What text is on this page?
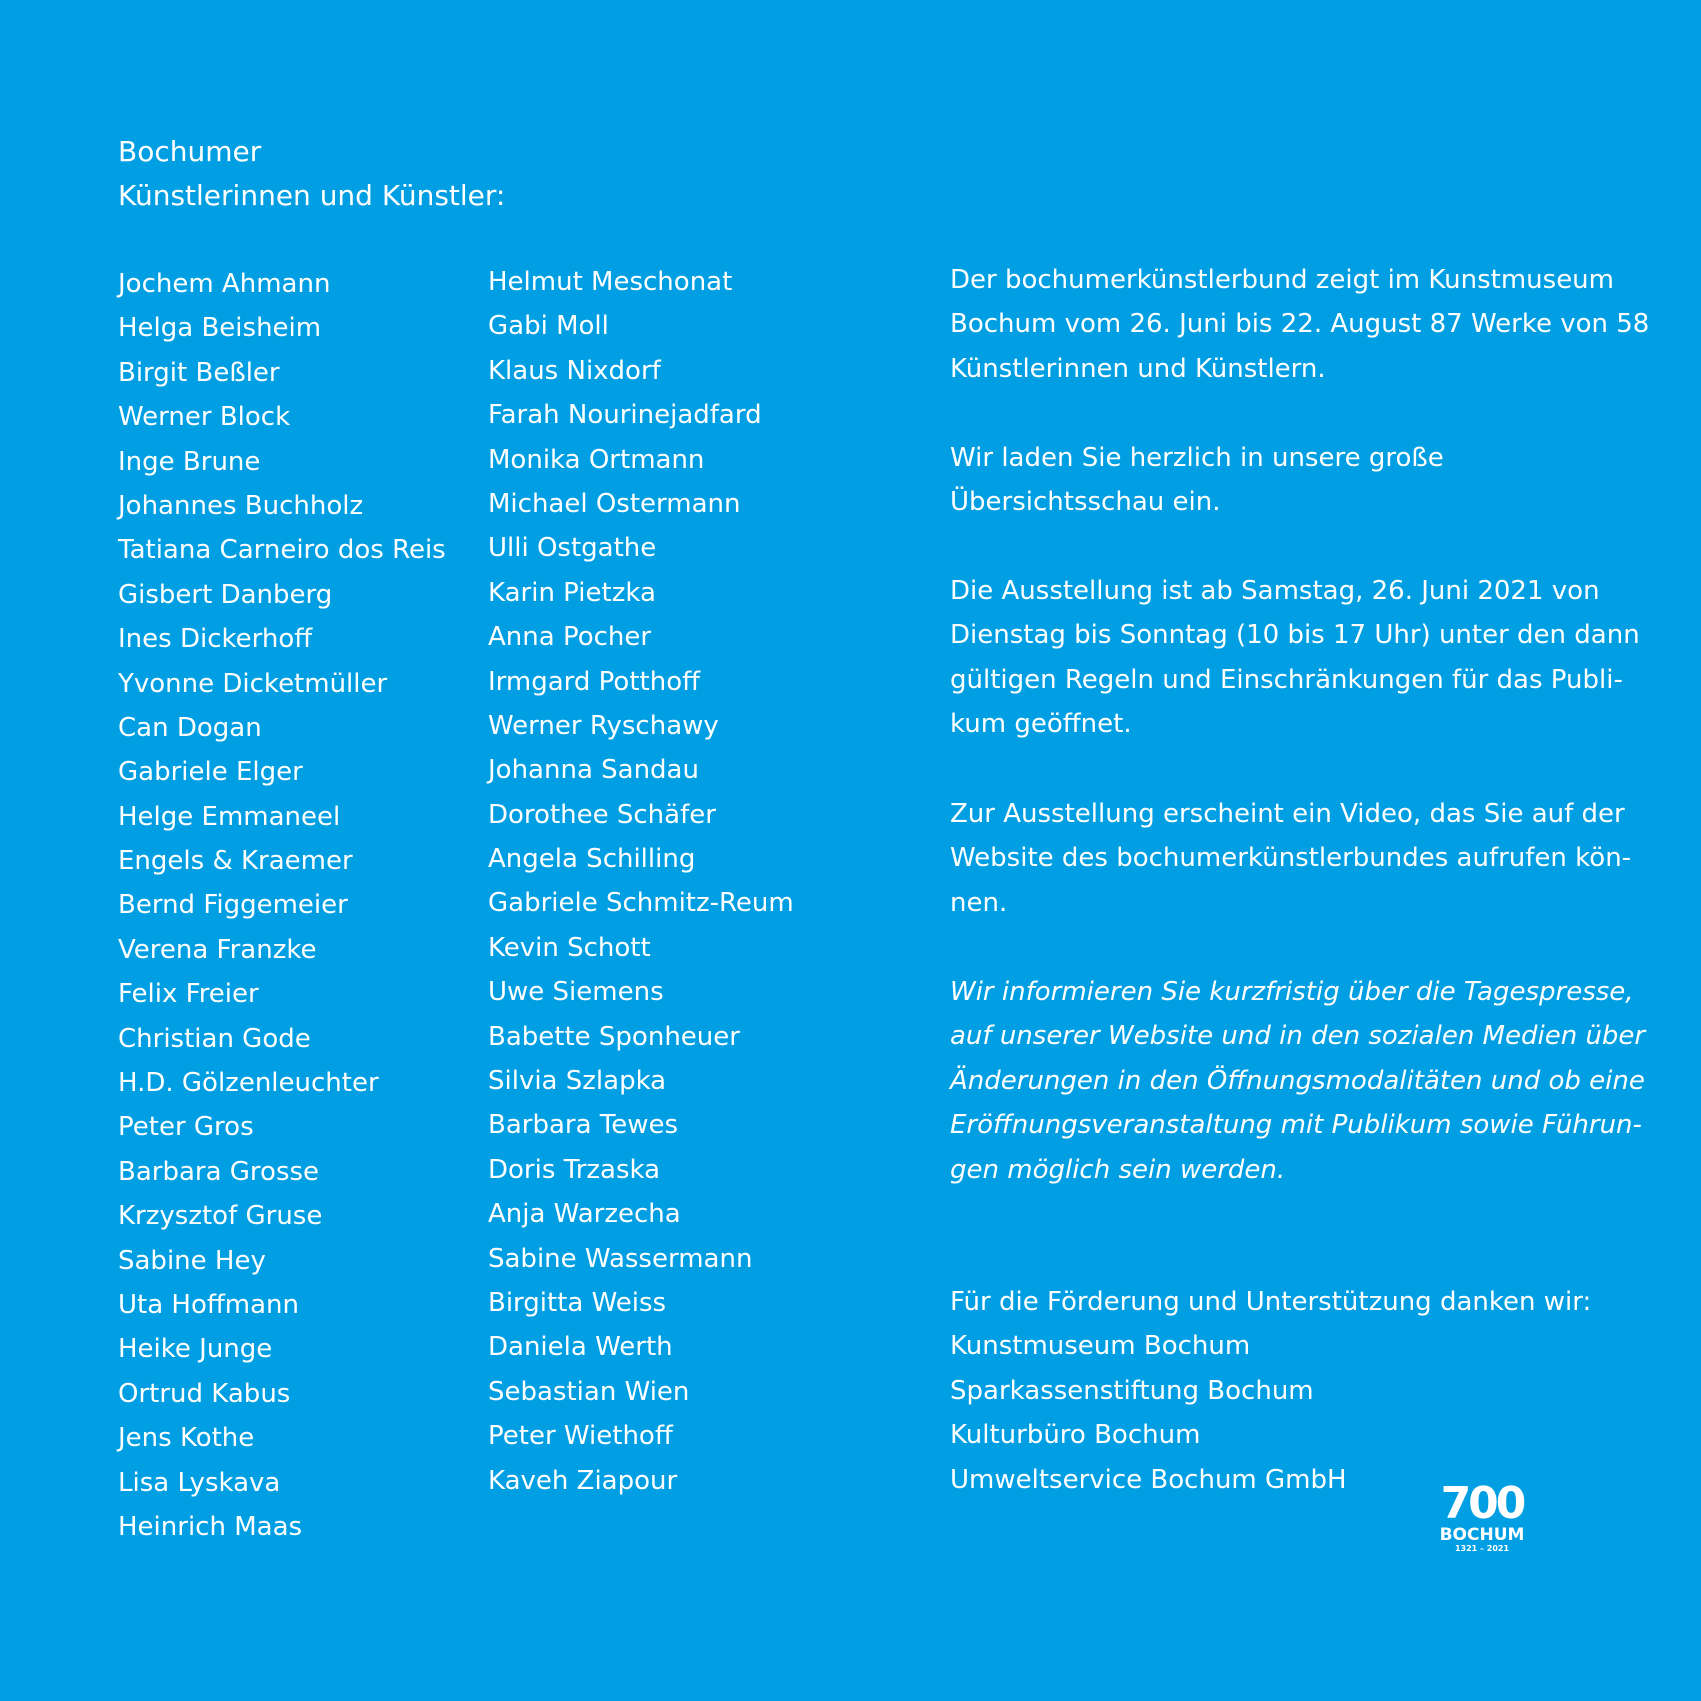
Bochumer
Künstlerinnen und Künstler:
Jochem Ahmann
Helga Beisheim
Birgit Beßler
Werner Block
Inge Brune
Johannes Buchholz
Tatiana Carneiro dos Reis
Gisbert Danberg
Ines Dickerhoff
Yvonne Dicketmüller
Can Dogan
Gabriele Elger
Helge Emmaneel
Engels & Kraemer
Bernd Figgemeier
Verena Franzke
Felix Freier
Christian Gode
H.D. Gölzenleuchter
Peter Gros
Barbara Grosse
Krzysztof Gruse
Sabine Hey
Uta Hoffmann
Heike Junge
Ortrud Kabus
Jens Kothe
Lisa Lyskava
Heinrich Maas
Helmut Meschonat
Gabi Moll
Klaus Nixdorf
Farah Nourinejadfard
Monika Ortmann
Michael Ostermann
Ulli Ostgathe
Karin Pietzka
Anna Pocher
Irmgard Potthoff
Werner Ryschawy
Johanna Sandau
Dorothee Schäfer
Angela Schilling
Gabriele Schmitz-Reum
Kevin Schott
Uwe Siemens
Babette Sponheuer
Silvia Szlapka
Barbara Tewes
Doris Trzaska
Anja Warzecha
Sabine Wassermann
Birgitta Weiss
Daniela Werth
Sebastian Wien
Peter Wiethoff
Kaveh Ziapour

Der bochumerkünstlerbund zeigt im Kunstmuseum
Bochum vom 26. Juni bis 22. August 87 Werke von 58
Künstlerinnen und Künstlern.

Wir laden Sie herzlich in unsere große
Übersichtsschau ein.

Die Ausstellung ist ab Samstag, 26. Juni 2021 von
Dienstag bis Sonntag (10 bis 17 Uhr) unter den dann
gültigen Regeln und Einschränkungen für das Publi-
kum geöffnet.

Zur Ausstellung erscheint ein Video, das Sie auf der
Website des bochumerkünstlerbundes aufrufen kön-
nen.

Wir informieren Sie kurzfristig über die Tagespresse,
auf unserer Website und in den sozialen Medien über
Änderungen in den Öffnungsmodalitäten und ob eine
Eröffnungsveranstaltung mit Publikum sowie Führun-
gen möglich sein werden.

Für die Förderung und Unterstützung danken wir:
Kunstmuseum Bochum
Sparkassenstiftung Bochum
Kulturbüro Bochum
Umweltservice Bochum GmbH	700
BOCHUM
1321 – 2021
